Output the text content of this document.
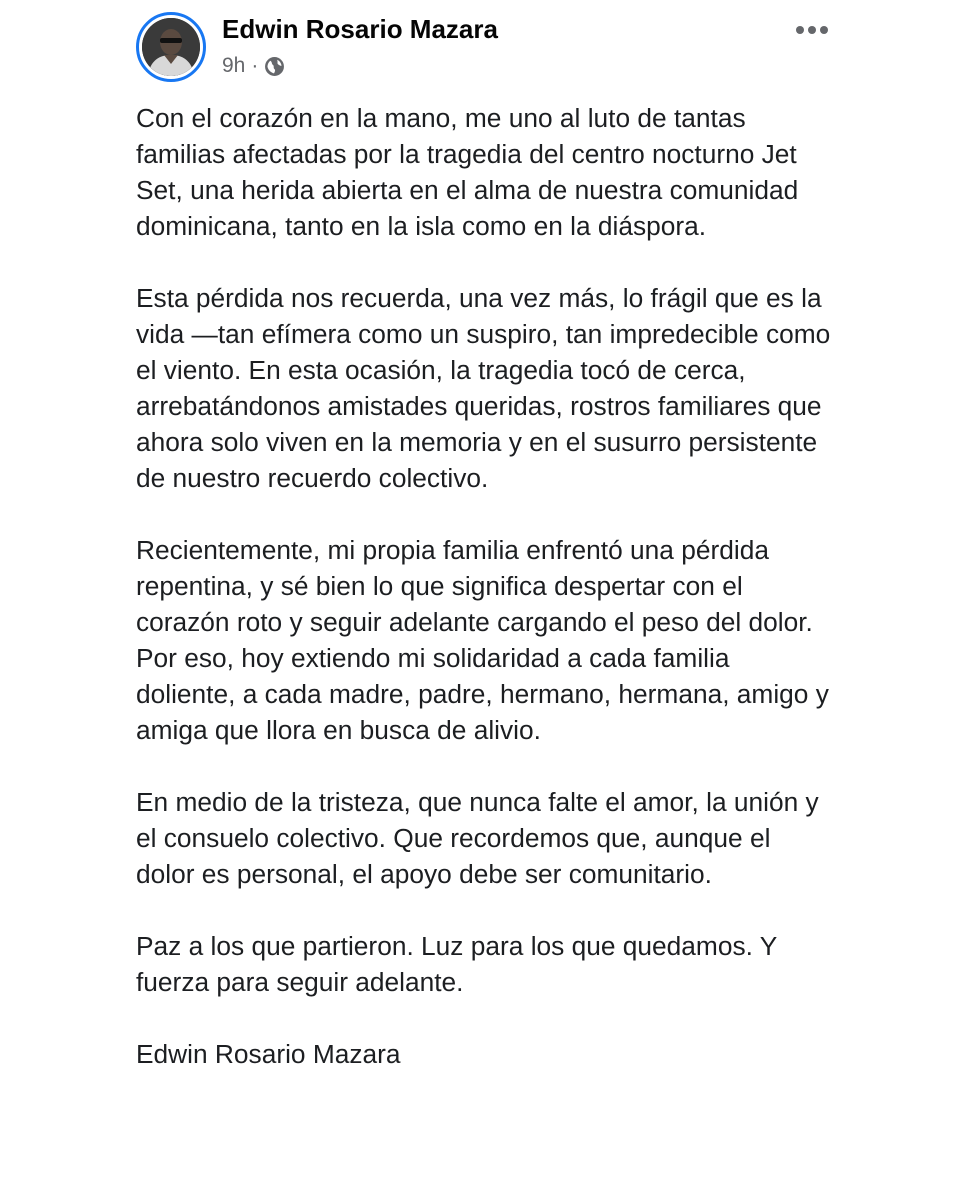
Edwin Rosario Mazara
9h ·

Con el corazón en la mano, me uno al luto de tantas familias afectadas por la tragedia del centro nocturno Jet Set, una herida abierta en el alma de nuestra comunidad dominicana, tanto en la isla como en la diáspora.

Esta pérdida nos recuerda, una vez más, lo frágil que es la vida —tan efímera como un suspiro, tan impredecible como el viento. En esta ocasión, la tragedia tocó de cerca, arrebatándonos amistades queridas, rostros familiares que ahora solo viven en la memoria y en el susurro persistente de nuestro recuerdo colectivo.

Recientemente, mi propia familia enfrentó una pérdida repentina, y sé bien lo que significa despertar con el corazón roto y seguir adelante cargando el peso del dolor. Por eso, hoy extiendo mi solidaridad a cada familia doliente, a cada madre, padre, hermano, hermana, amigo y amiga que llora en busca de alivio.

En medio de la tristeza, que nunca falte el amor, la unión y el consuelo colectivo. Que recordemos que, aunque el dolor es personal, el apoyo debe ser comunitario.

Paz a los que partieron. Luz para los que quedamos. Y fuerza para seguir adelante.

Edwin Rosario Mazara
